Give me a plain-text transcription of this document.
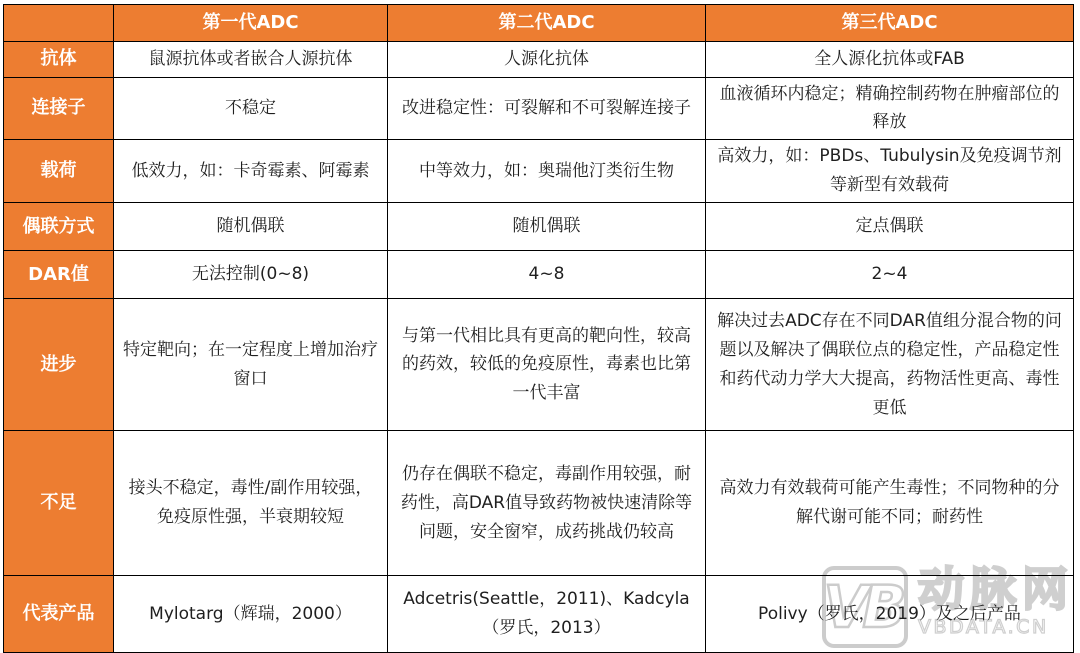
VB 动脉网
VBDATA.CN
	第一代ADC	第二代ADC	第三代ADC
抗体	鼠源抗体或者嵌合人源抗体	人源化抗体	全人源化抗体或FAB
连接子	不稳定	改进稳定性：可裂解和不可裂解连接子	血液循环内稳定；精确控制药物在肿瘤部位的释放
载荷	低效力，如：卡奇霉素、阿霉素	中等效力，如：奥瑞他汀类衍生物	高效力，如：PBDs、Tubulysin及免疫调节剂等新型有效载荷
偶联方式	随机偶联	随机偶联	定点偶联
DAR值	无法控制(0~8)	4~8	2~4
进步	特定靶向；在一定程度上增加治疗窗口	与第一代相比具有更高的靶向性，较高的药效，较低的免疫原性，毒素也比第一代丰富	解决过去ADC存在不同DAR值组分混合物的问题以及解决了偶联位点的稳定性，产品稳定性和药代动力学大大提高，药物活性更高、毒性更低
不足	接头不稳定，毒性/副作用较强，免疫原性强，半衰期较短	仍存在偶联不稳定，毒副作用较强，耐药性，高DAR值导致药物被快速清除等问题，安全窗窄，成药挑战仍较高	高效力有效载荷可能产生毒性；不同物种的分解代谢可能不同；耐药性
代表产品	Mylotarg（辉瑞，2000）	Adcetris(Seattle，2011)、Kadcyla（罗氏，2013）	Polivy（罗氏，2019）及之后产品
